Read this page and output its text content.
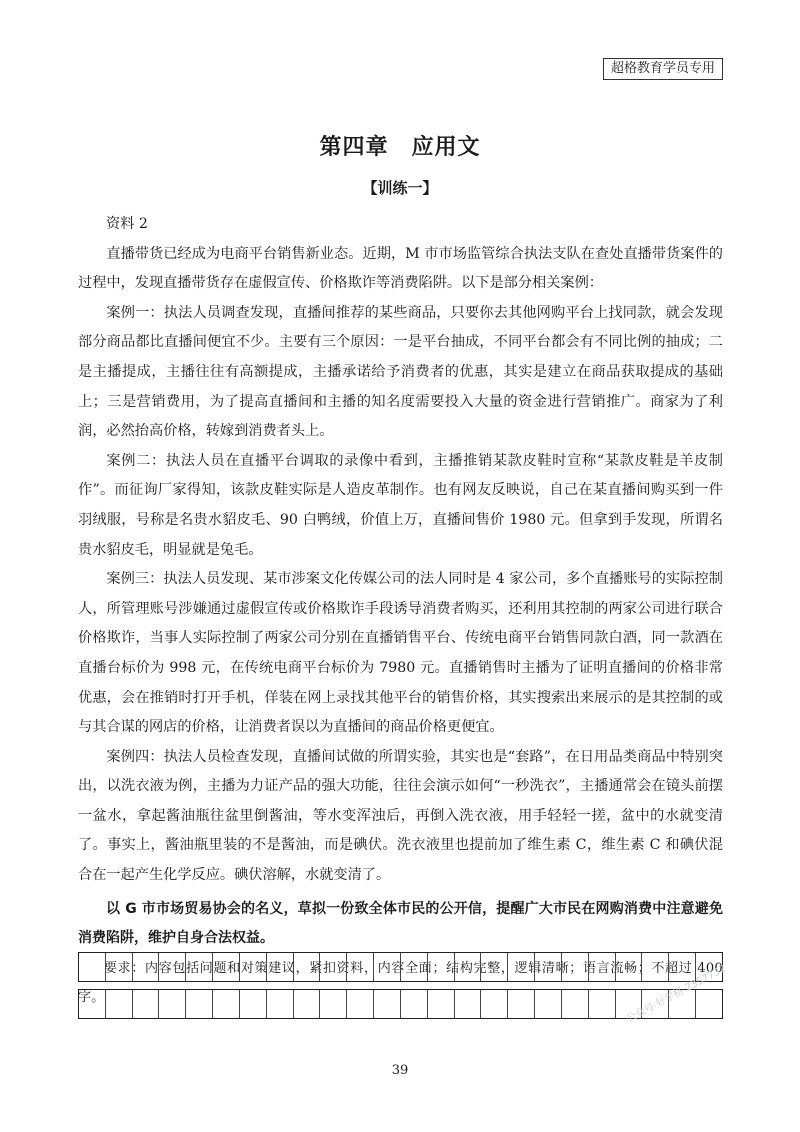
超格教育学员专用
第四章　应用文
【训练一】

资料 2

直播带货已经成为电商平台销售新业态。近期，M 市市场监管综合执法支队在查处直播带货案件的过程中，发现直播带货存在虚假宣传、价格欺诈等消费陷阱。以下是部分相关案例：

案例一：执法人员调查发现，直播间推荐的某些商品，只要你去其他网购平台上找同款，就会发现部分商品都比直播间便宜不少。主要有三个原因：一是平台抽成，不同平台都会有不同比例的抽成；二是主播提成，主播往往有高额提成，主播承诺给予消费者的优惠，其实是建立在商品获取提成的基础上；三是营销费用，为了提高直播间和主播的知名度需要投入大量的资金进行营销推广。商家为了利润，必然抬高价格，转嫁到消费者头上。

案例二：执法人员在直播平台调取的录像中看到，主播推销某款皮鞋时宣称“某款皮鞋是羊皮制作”。而征询厂家得知，该款皮鞋实际是人造皮革制作。也有网友反映说，自己在某直播间购买到一件羽绒服，号称是名贵水貂皮毛、90 白鸭绒，价值上万，直播间售价 1980 元。但拿到手发现，所谓名贵水貂皮毛，明显就是兔毛。

案例三：执法人员发现、某市涉案文化传媒公司的法人同时是 4 家公司，多个直播账号的实际控制人，所管理账号涉嫌通过虚假宣传或价格欺诈手段诱导消费者购买，还利用其控制的两家公司进行联合价格欺诈，当事人实际控制了两家公司分别在直播销售平台、传统电商平台销售同款白酒，同一款酒在直播台标价为 998 元，在传统电商平台标价为 7980 元。直播销售时主播为了证明直播间的价格非常优惠，会在推销时打开手机，佯装在网上录找其他平台的销售价格，其实搜索出来展示的是其控制的或与其合谋的网店的价格，让消费者误以为直播间的商品价格更便宜。

案例四：执法人员检查发现，直播间试做的所谓实验，其实也是“套路”，在日用品类商品中特别突出，以洗衣液为例，主播为力证产品的强大功能，往往会演示如何“一秒洗衣”，主播通常会在镜头前摆一盆水，拿起酱油瓶往盆里倒酱油，等水变浑浊后，再倒入洗衣液，用手轻轻一搓，盆中的水就变清了。事实上，酱油瓶里装的不是酱油，而是碘伏。洗衣液里也提前加了维生素 C，维生素 C 和碘伏混合在一起产生化学反应。碘伏溶解，水就变清了。

以 G 市市场贸易协会的名义，草拟一份致全体市民的公开信，提醒广大市民在网购消费中注意避免消费陷阱，维护自身合法权益。

要求：内容包括问题和对策建议，紧扣资料，内容全面；结构完整，逻辑清晰；语言流畅；不超过 400 字。	公众号 好学格 23S7732
39
